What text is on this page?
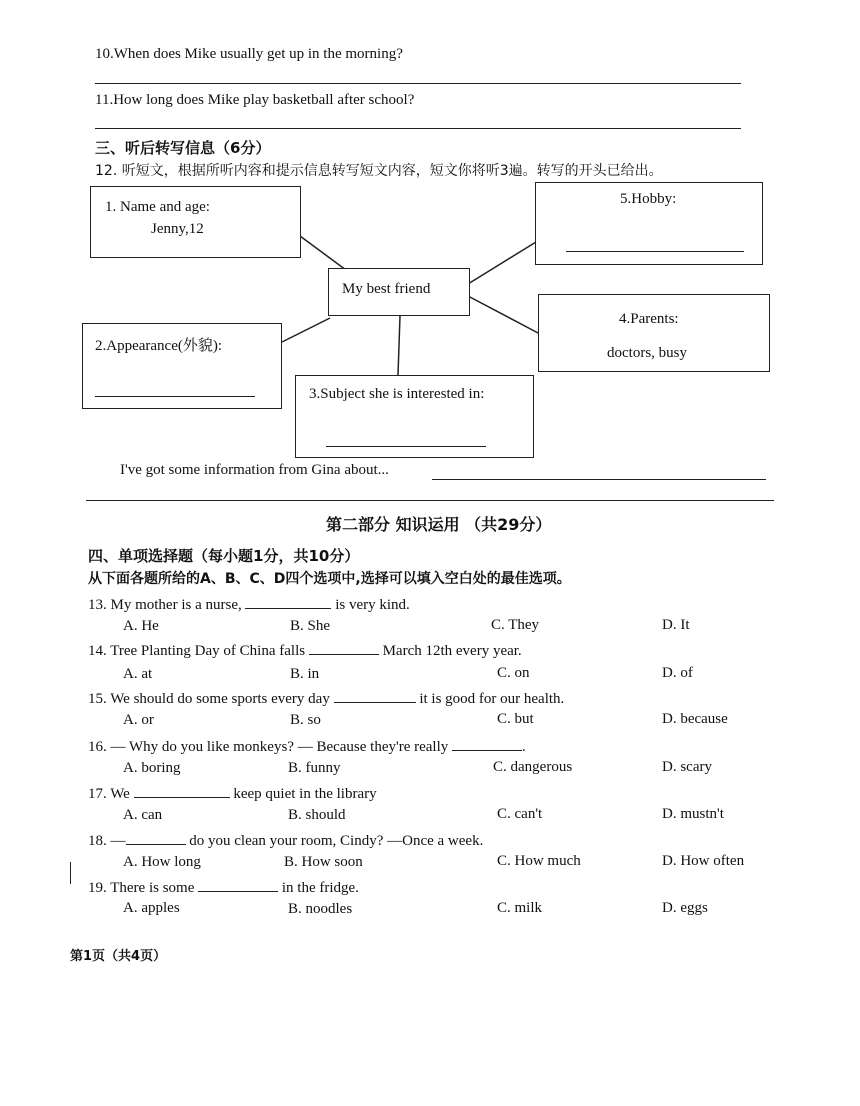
10.When does Mike usually get up in the morning?
11.How long does Mike play basketball after school?
三、听后转写信息（6分）
12. 听短文，根据所听内容和提示信息转写短文内容，短文你将听3遍。转写的开头已给出。
1. Name and age:
Jenny,12
5.Hobby:
My best friend
4.Parents:
doctors, busy
2.Appearance(外貌):
3.Subject she is interested in:
I've got some information from Gina about...
第二部分 知识运用 （共29分）
四、单项选择题（每小题1分，共10分）
从下面各题所给的A、B、C、D四个选项中,选择可以填入空白处的最佳选项。
13. My mother is a nurse,	is very kind.
A. He	B. She	C. They	D. It
14. Tree Planting Day of China falls	March 12th every year.
A. at	B. in	C. on	D. of
15. We should do some sports every day	it is good for our health.
A. or	B. so	C. but	D. because
16. — Why do you like monkeys? — Because they're really	.
A. boring	B. funny	C. dangerous	D. scary
17. We	keep quiet in the library
A. can	B. should	C. can't	D. mustn't
18. —	do you clean your room, Cindy? —Once a week.
A. How long	B. How soon	C. How much	D. How often
19. There is some	in the fridge.
A. apples	B. noodles	C. milk	D. eggs
第1页（共4页）
